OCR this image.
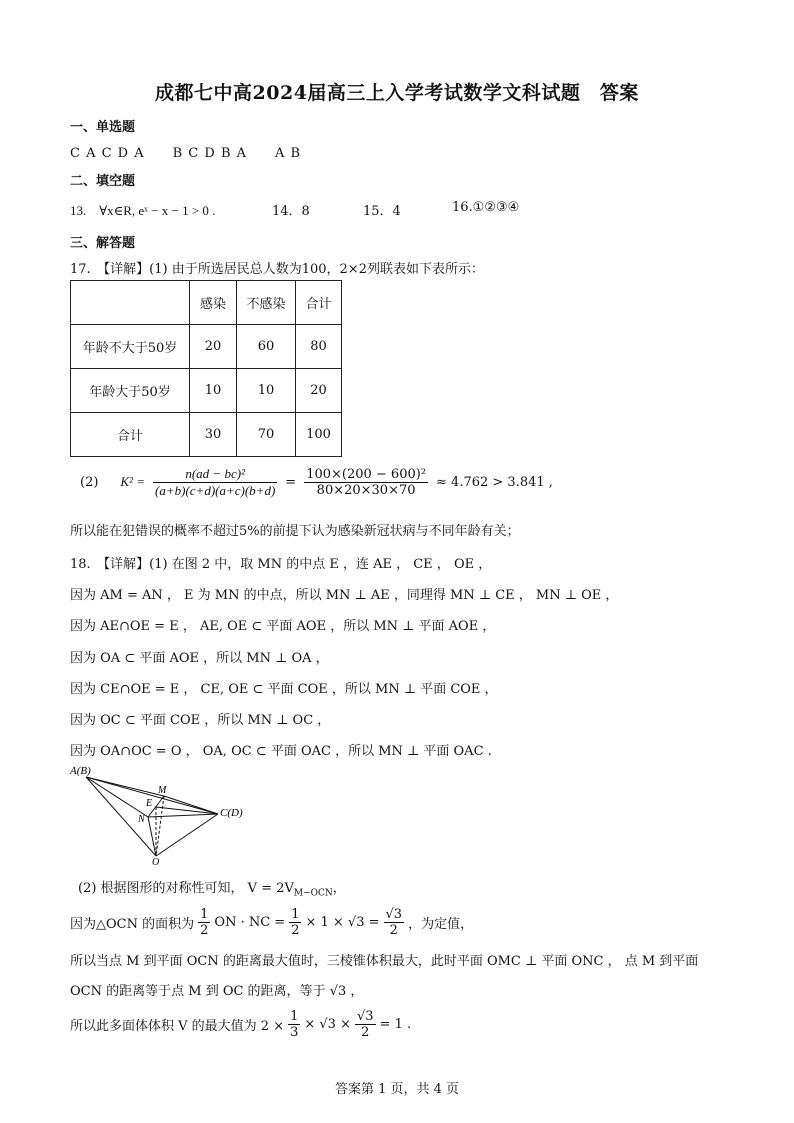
成都七中高2024届高三上入学考试数学文科试题　答案
一、单选题
C A C D A　　B C D B A　　A B
二、填空题
13.　∀x∈R, eˣ − x − 1 > 0 .	14．8	15．4	16.①②③④
三、解答题
17.　【详解】(1) 由于所选居民总人数为100，2×2列联表如下表所示：
	感染	不感染	合计
年龄不大于50岁	20	60	80
年龄大于50岁	10	10	20
合计	30	70	100
(2) $K^2 = \frac{\text{n(ad − bc)²}}{(a+b)(c+d)(a+c)(b+d)} = \frac{\text{100×(200 − 600)²}}{80\times 20\times 30\times 70} \approx 4.762 > 3.841$ ,
所以能在犯错误的概率不超过5%的前提下认为感染新冠状病与不同年龄有关；
18.　【详解】(1) 在图 2 中，取 MN 的中点 E ，连 AE ， CE ， OE ，
因为 AM = AN ， E 为 MN 的中点，所以 MN ⊥ AE ，同理得 MN ⊥ CE ， MN ⊥ OE ，
因为 AE∩OE = E ， AE, OE ⊂ 平面 AOE ，所以 MN ⊥ 平面 AOE ，
因为 OA ⊂ 平面 AOE ，所以 MN ⊥ OA ，
因为 CE∩OE = E ， CE, OE ⊂ 平面 COE ，所以 MN ⊥ 平面 COE ，
因为 OC ⊂ 平面 COE ，所以 MN ⊥ OC ，
因为 OA∩OC = O ， OA, OC ⊂ 平面 OAC ，所以 MN ⊥ 平面 OAC .
A(B)
M
E
N
C(D)
O
(2) 根据图形的对称性可知， $V = 2V_{M-OCN}$，
因为△OCN 的面积为 $\frac{1}{2}$ ON · NC = $\frac{1}{2} \times 1 \times √3 = \frac{√3}{2}$ ，为定值，
所以当点 M 到平面 OCN 的距离最大值时，三棱锥体积最大，此时平面 OMC ⊥ 平面 ONC ， 点 M 到平面
OCN 的距离等于点 M 到 OC 的距离，等于 √3 ，
所以此多面体体积 V 的最大值为 $2 \times \frac{1}{3} \times √3 \times \frac{√3}{2} = 1$ .
答案第 1 页，共 4 页
